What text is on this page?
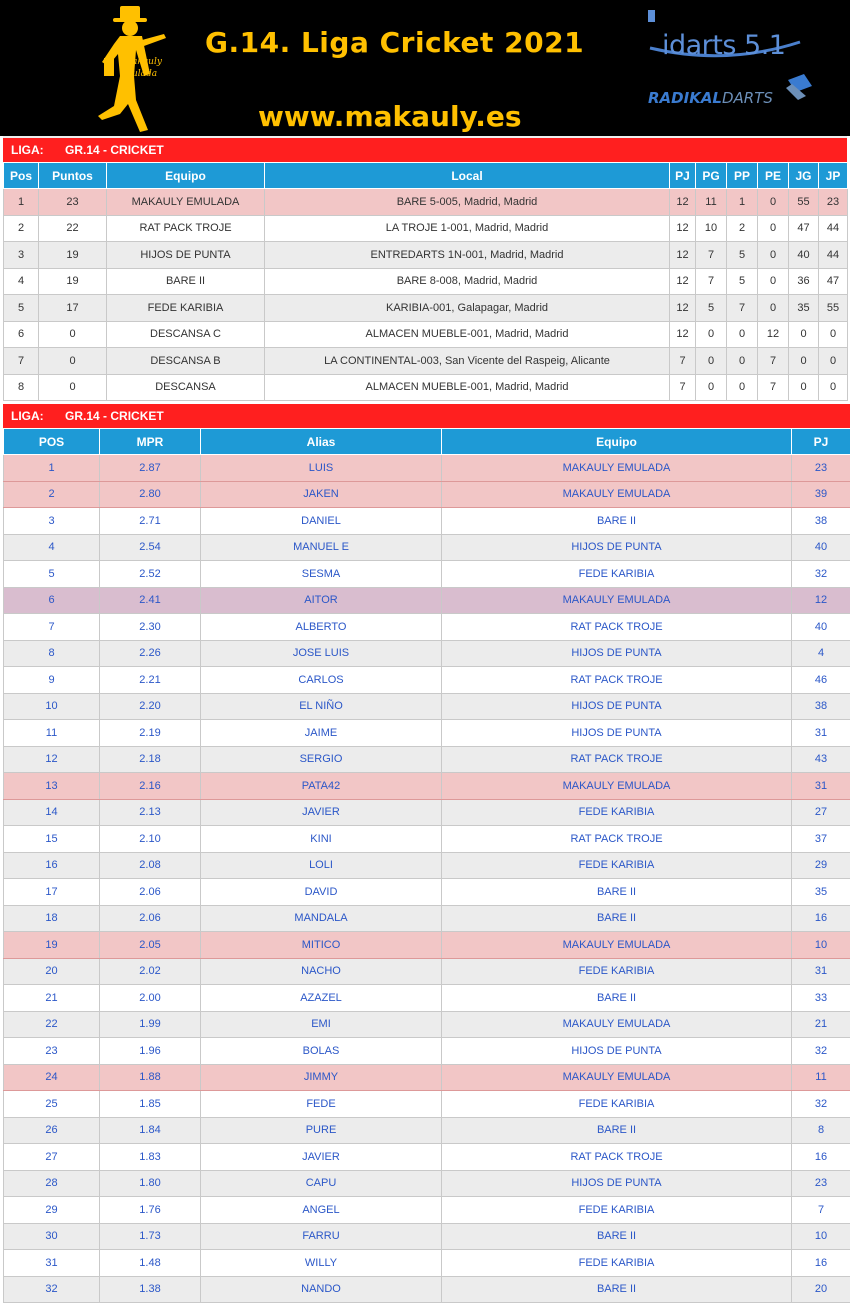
akauly
ulada
G.14. Liga Cricket 2021
www.makauly.es
idarts 5.1
RADIKALDARTS
LIGA: GR.14 - CRICKET
Pos	Puntos	Equipo	Local	PJ	PG	PP	PE	JG	JP
1	23	MAKAULY EMULADA	BARE 5-005, Madrid, Madrid	12	11	1	0	55	23
2	22	RAT PACK TROJE	LA TROJE 1-001, Madrid, Madrid	12	10	2	0	47	44
3	19	HIJOS DE PUNTA	ENTREDARTS 1N-001, Madrid, Madrid	12	7	5	0	40	44
4	19	BARE II	BARE 8-008, Madrid, Madrid	12	7	5	0	36	47
5	17	FEDE KARIBIA	KARIBIA-001, Galapagar, Madrid	12	5	7	0	35	55
6	0	DESCANSA C	ALMACEN MUEBLE-001, Madrid, Madrid	12	0	0	12	0	0
7	0	DESCANSA B	LA CONTINENTAL-003, San Vicente del Raspeig, Alicante	7	0	0	7	0	0
8	0	DESCANSA	ALMACEN MUEBLE-001, Madrid, Madrid	7	0	0	7	0	0
LIGA: GR.14 - CRICKET
POS	MPR	Alias	Equipo	PJ
1	2.87	LUIS	MAKAULY EMULADA	23
2	2.80	JAKEN	MAKAULY EMULADA	39
3	2.71	DANIEL	BARE II	38
4	2.54	MANUEL E	HIJOS DE PUNTA	40
5	2.52	SESMA	FEDE KARIBIA	32
6	2.41	AITOR	MAKAULY EMULADA	12
7	2.30	ALBERTO	RAT PACK TROJE	40
8	2.26	JOSE LUIS	HIJOS DE PUNTA	4
9	2.21	CARLOS	RAT PACK TROJE	46
10	2.20	EL NIÑO	HIJOS DE PUNTA	38
11	2.19	JAIME	HIJOS DE PUNTA	31
12	2.18	SERGIO	RAT PACK TROJE	43
13	2.16	PATA42	MAKAULY EMULADA	31
14	2.13	JAVIER	FEDE KARIBIA	27
15	2.10	KINI	RAT PACK TROJE	37
16	2.08	LOLI	FEDE KARIBIA	29
17	2.06	DAVID	BARE II	35
18	2.06	MANDALA	BARE II	16
19	2.05	MITICO	MAKAULY EMULADA	10
20	2.02	NACHO	FEDE KARIBIA	31
21	2.00	AZAZEL	BARE II	33
22	1.99	EMI	MAKAULY EMULADA	21
23	1.96	BOLAS	HIJOS DE PUNTA	32
24	1.88	JIMMY	MAKAULY EMULADA	11
25	1.85	FEDE	FEDE KARIBIA	32
26	1.84	PURE	BARE II	8
27	1.83	JAVIER	RAT PACK TROJE	16
28	1.80	CAPU	HIJOS DE PUNTA	23
29	1.76	ANGEL	FEDE KARIBIA	7
30	1.73	FARRU	BARE II	10
31	1.48	WILLY	FEDE KARIBIA	16
32	1.38	NANDO	BARE II	20
